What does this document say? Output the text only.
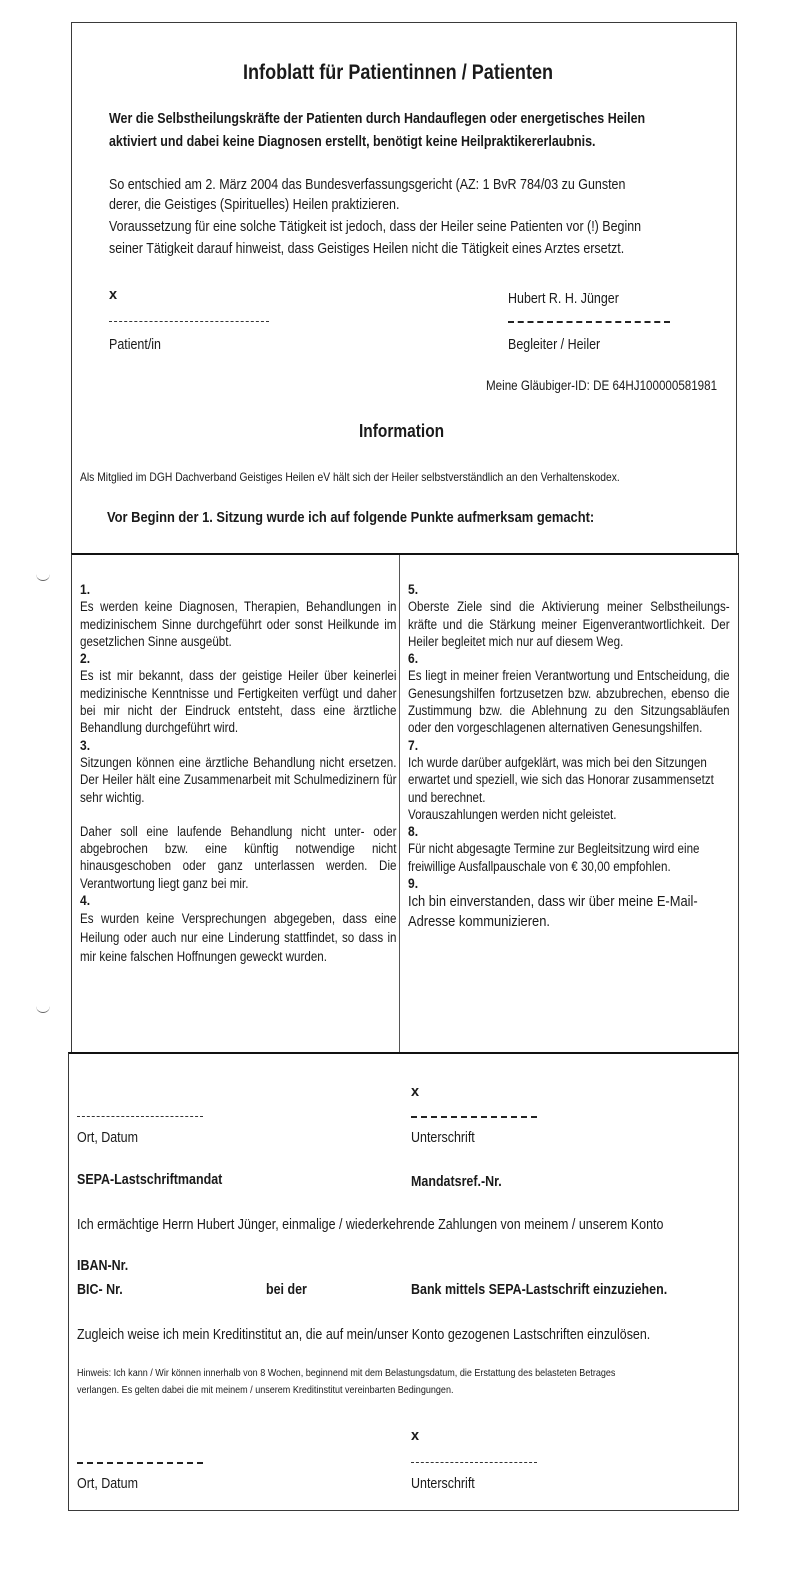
Infoblatt für Patientinnen / Patienten
Wer die Selbstheilungskräfte der Patienten durch Handauflegen oder energetisches Heilen
aktiviert und dabei keine Diagnosen erstellt, benötigt keine Heilpraktikererlaubnis.
So entschied am 2. März 2004 das Bundesverfassungsgericht (AZ: 1 BvR 784/03 zu Gunsten
derer, die Geistiges (Spirituelles) Heilen praktizieren.
Voraussetzung für eine solche Tätigkeit ist jedoch, dass der Heiler seine Patienten vor (!) Beginn
seiner Tätigkeit darauf hinweist, dass Geistiges Heilen nicht die Tätigkeit eines Arztes ersetzt.
x	Hubert R. H. Jünger
Patient/in	Begleiter / Heiler
Meine Gläubiger-ID: DE 64HJ100000581981
Information
Als Mitglied im DGH Dachverband Geistiges Heilen eV hält sich der Heiler selbstverständlich an den Verhaltenskodex.
Vor Beginn der 1. Sitzung wurde ich auf folgende Punkte aufmerksam gemacht:
1.

Es werden keine Diagnosen, Therapien, Behandlungen in medizinischem Sinne durchgeführt oder sonst Heilkunde im gesetzlichen Sinne ausgeübt.

2.

Es ist mir bekannt, dass der geistige Heiler über keinerlei medizinische Kenntnisse und Fertigkeiten verfügt und daher bei mir nicht der Eindruck entsteht, dass eine ärztliche Behandlung durchgeführt wird.

3.

Sitzungen können eine ärztliche Behandlung nicht ersetzen. Der Heiler hält eine Zusammenarbeit mit Schulmedizinern für sehr wichtig.

Daher soll eine laufende Behandlung nicht unter- oder abgebrochen bzw. eine künftig notwendige nicht hinausgeschoben oder ganz unterlassen werden. Die Verantwortung liegt ganz bei mir.

4.

Es wurden keine Versprechungen abgegeben, dass eine Heilung oder auch nur eine Linderung stattfindet, so dass in mir keine falschen Hoffnungen geweckt wurden.

5.

Oberste Ziele sind die Aktivierung meiner Selbstheilungs-kräfte und die Stärkung meiner Eigenverantwortlichkeit. Der Heiler begleitet mich nur auf diesem Weg.

6.

Es liegt in meiner freien Verantwortung und Entscheidung, die Genesungshilfen fortzusetzen bzw. abzubrechen, ebenso die Zustimmung bzw. die Ablehnung zu den Sitzungsabläufen oder den vorgeschlagenen alternativen Genesungshilfen.

7.

Ich wurde darüber aufgeklärt, was mich bei den Sitzungen erwartet und speziell, wie sich das Honorar zusammensetzt und berechnet.

Vorauszahlungen werden nicht geleistet.

8.

Für nicht abgesagte Termine zur Begleitsitzung wird eine freiwillige Ausfallpauschale von € 30,00 empfohlen.

9.

Ich bin einverstanden, dass wir über meine E-Mail-Adresse kommunizieren.

x
Ort, Datum	Unterschrift
SEPA-Lastschriftmandat	Mandatsref.-Nr.
Ich ermächtige Herrn Hubert Jünger, einmalige / wiederkehrende Zahlungen von meinem / unserem Konto
IBAN-Nr.
BIC- Nr.	bei der	Bank mittels SEPA-Lastschrift einzuziehen.
Zugleich weise ich mein Kreditinstitut an, die auf mein/unser Konto gezogenen Lastschriften einzulösen.
Hinweis: Ich kann / Wir können innerhalb von 8 Wochen, beginnend mit dem Belastungsdatum, die Erstattung des belasteten Betrages
verlangen. Es gelten dabei die mit meinem / unserem Kreditinstitut vereinbarten Bedingungen.
x
Ort, Datum	Unterschrift
